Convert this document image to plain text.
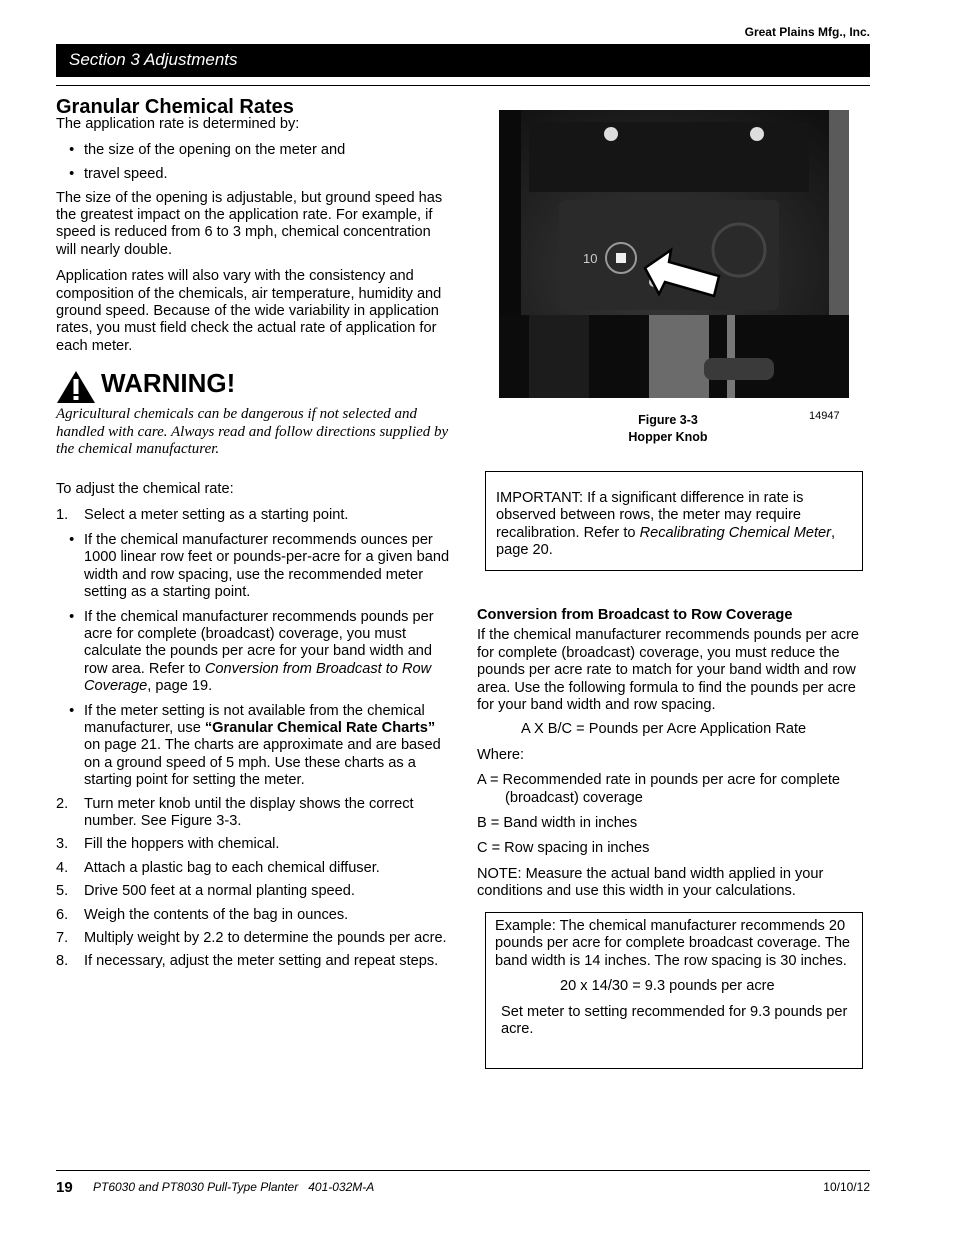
Great Plains Mfg., Inc.
Section 3 Adjustments
Granular Chemical Rates

The application rate is determined by:

• the size of the opening on the meter and

• travel speed.

The size of the opening is adjustable, but ground speed has the greatest impact on the application rate. For example, if speed is reduced from 6 to 3 mph, chemical concentration will nearly double.

Application rates will also vary with the consistency and composition of the chemicals, air temperature, humidity and ground speed. Because of the wide variability in application rates, you must field check the actual rate of application for each meter.

WARNING!

Agricultural chemicals can be dangerous if not selected and handled with care. Always read and follow directions supplied by the chemical manufacturer.

To adjust the chemical rate:

1. Select a meter setting as a starting point.

• If the chemical manufacturer recommends ounces per 1000 linear row feet or pounds-per-acre for a given band width and row spacing, use the recommended meter setting as a starting point.

• If the chemical manufacturer recommends pounds per acre for complete (broadcast) coverage, you must calculate the pounds per acre for your band width and row area. Refer to Conversion from Broadcast to Row Coverage, page 19.

• If the meter setting is not available from the chemical manufacturer, use “Granular Chemical Rate Charts” on page 21. The charts are approximate and are based on a ground speed of 5 mph. Use these charts as a starting point for setting the meter.

2. Turn meter knob until the display shows the correct number. See Figure 3-3.

3. Fill the hoppers with chemical.

4. Attach a plastic bag to each chemical diffuser.

5. Drive 500 feet at a normal planting speed.

6. Weigh the contents of the bag in ounces.

7. Multiply weight by 2.2 to determine the pounds per acre.

8. If necessary, adjust the meter setting and repeat steps.

10
14947
Figure 3-3
Hopper Knob

IMPORTANT: If a significant difference in rate is observed between rows, the meter may require recalibration. Refer to Recalibrating Chemical Meter, page 20.

Conversion from Broadcast to Row Coverage

If the chemical manufacturer recommends pounds per acre for complete (broadcast) coverage, you must reduce the pounds per acre rate to match for your band width and row area. Use the following formula to find the pounds per acre for your band width and row spacing.

A X B/C = Pounds per Acre Application Rate

Where:

A = Recommended rate in pounds per acre for complete (broadcast) coverage

B = Band width in inches

C = Row spacing in inches

NOTE: Measure the actual band width applied in your conditions and use this width in your calculations.

Example: The chemical manufacturer recommends 20 pounds per acre for complete broadcast coverage. The band width is 14 inches. The row spacing is 30 inches.

20 x 14/30 = 9.3 pounds per acre

Set meter to setting recommended for 9.3 pounds per acre.

19 PT6030 and PT8030 Pull-Type Planter   401-032M-A	10/10/12
